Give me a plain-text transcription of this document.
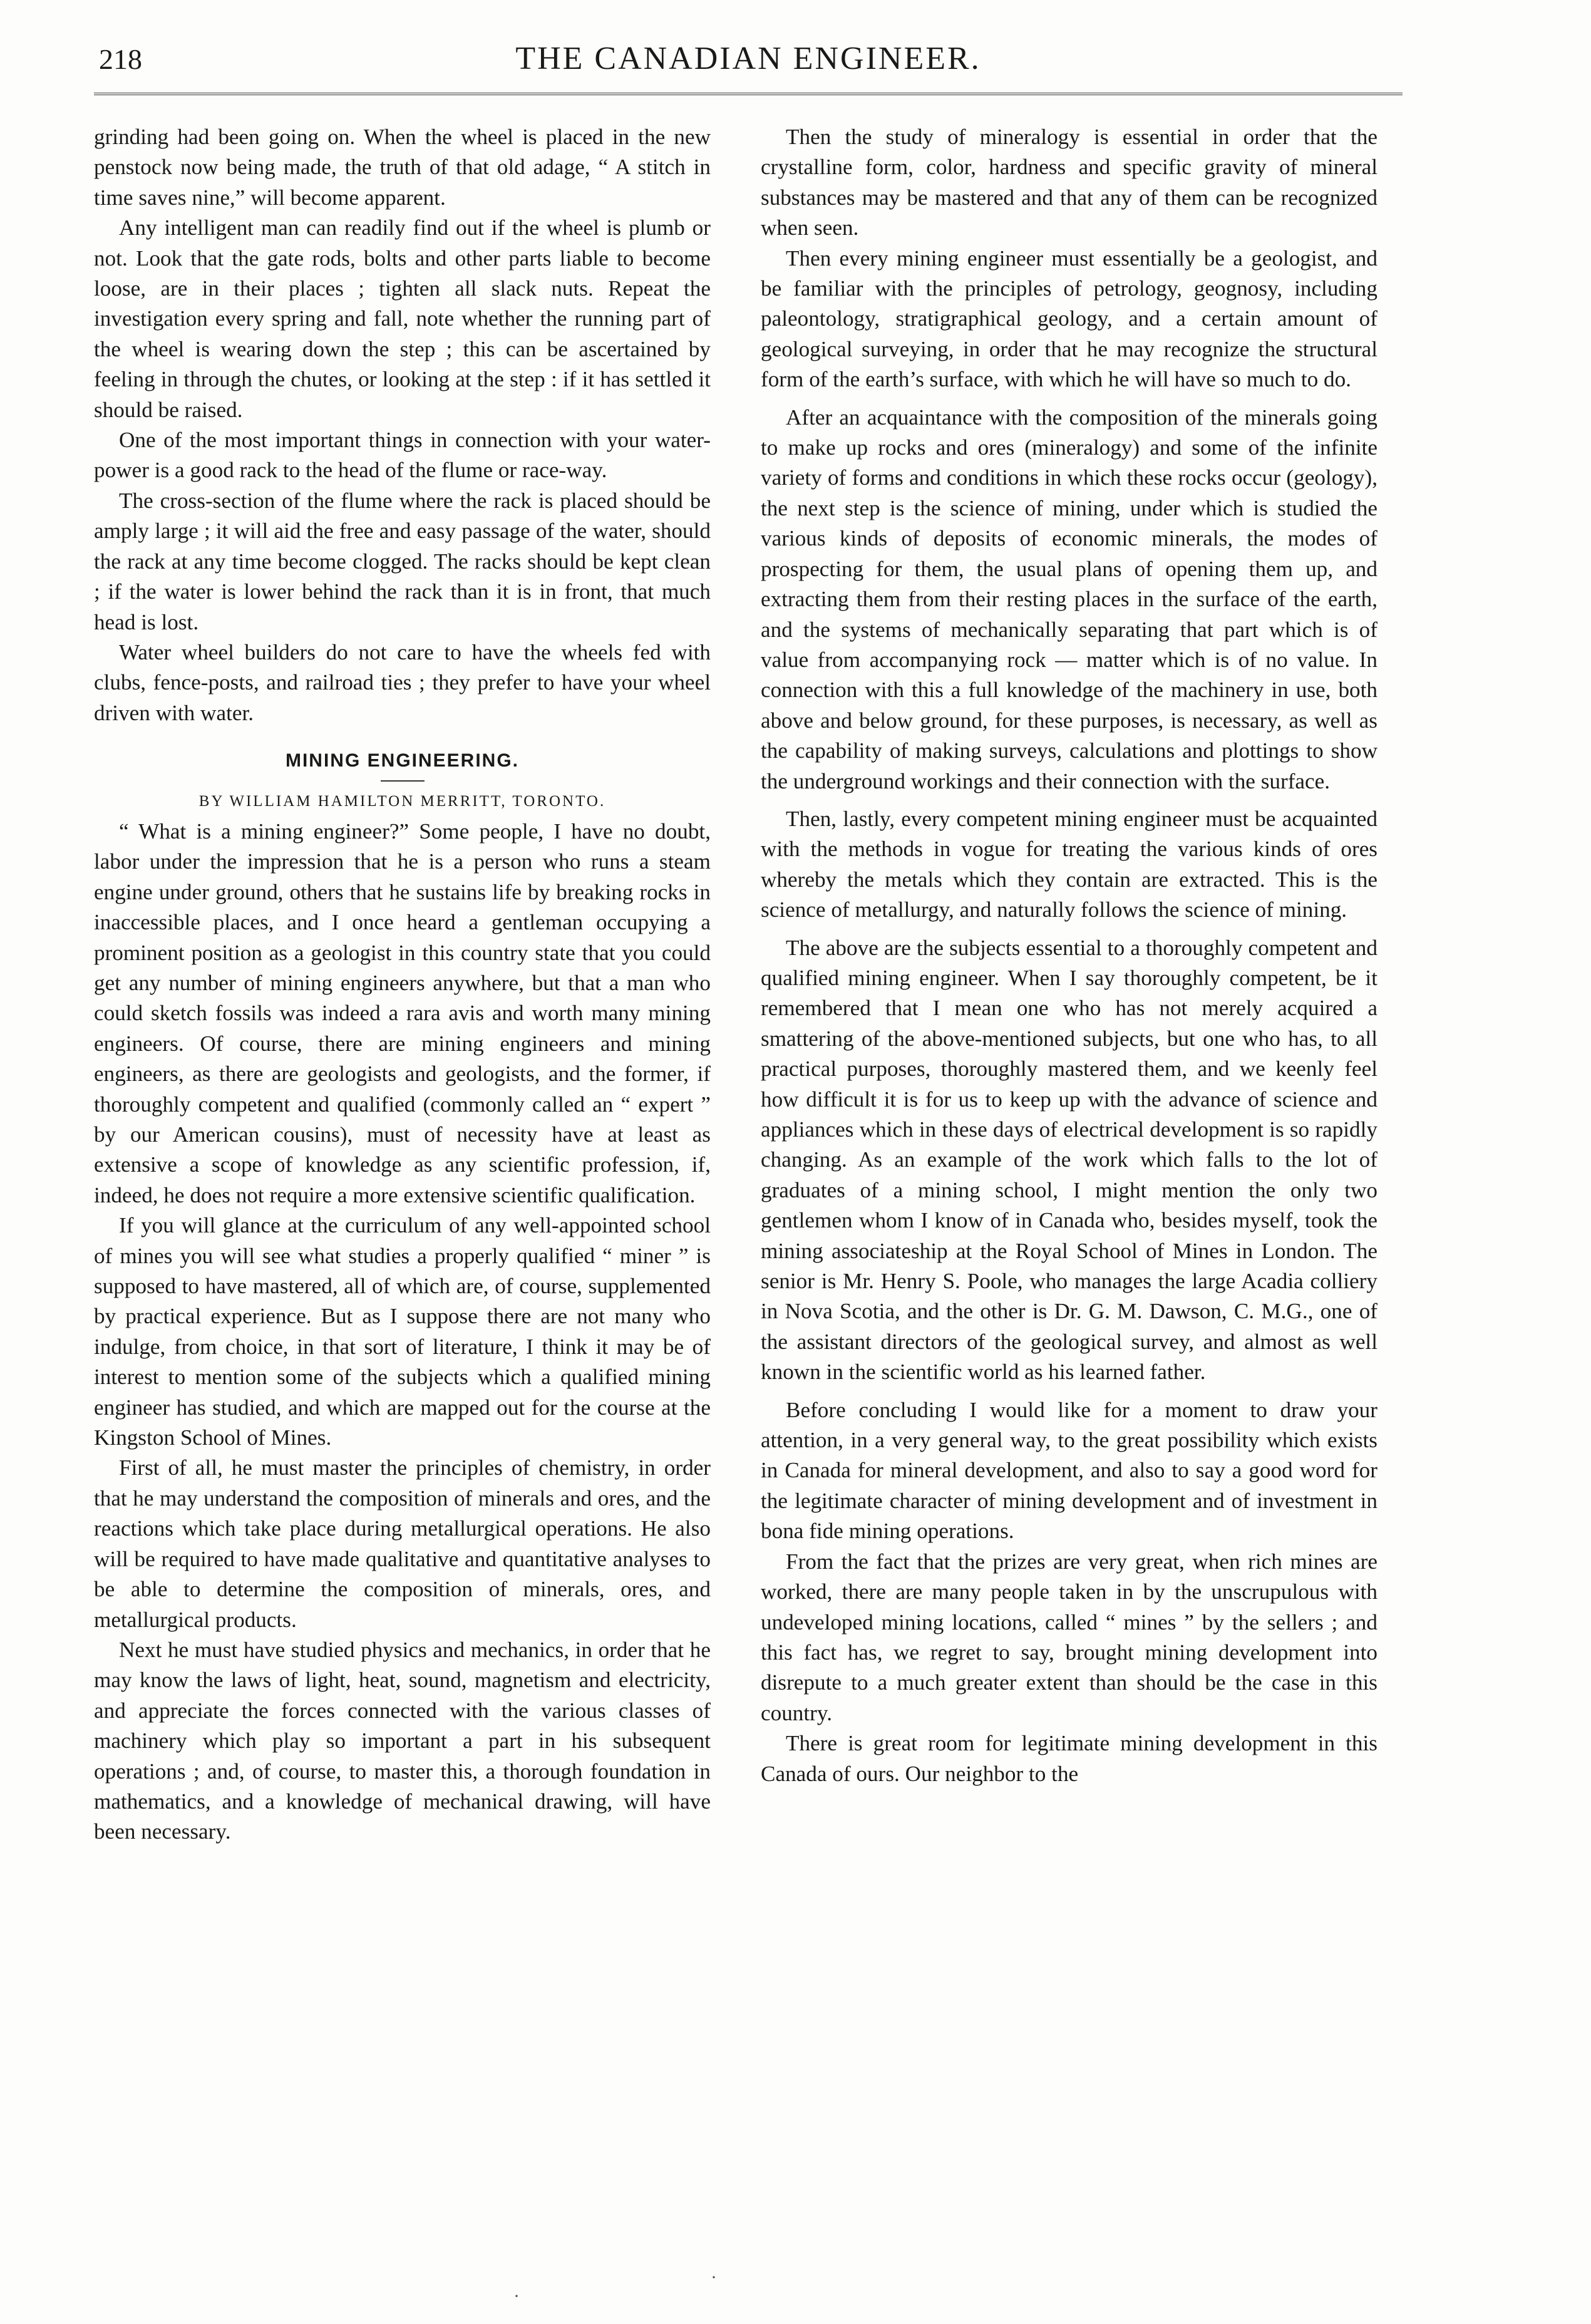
218	THE CANADIAN ENGINEER.

grinding had been going on. When the wheel is placed in the new penstock now being made, the truth of that old adage, “ A stitch in time saves nine,” will become apparent.

Any intelligent man can readily find out if the wheel is plumb or not. Look that the gate rods, bolts and other parts liable to become loose, are in their places ; tighten all slack nuts. Repeat the investigation every spring and fall, note whether the running part of the wheel is wearing down the step ; this can be ascertained by feeling in through the chutes, or looking at the step : if it has settled it should be raised.

One of the most important things in connection with your water-power is a good rack to the head of the flume or race-way.

The cross-section of the flume where the rack is placed should be amply large ; it will aid the free and easy passage of the water, should the rack at any time become clogged. The racks should be kept clean ; if the water is lower behind the rack than it is in front, that much head is lost.

Water wheel builders do not care to have the wheels fed with clubs, fence-posts, and railroad ties ; they prefer to have your wheel driven with water.

MINING ENGINEERING.

BY WILLIAM HAMILTON MERRITT, TORONTO.

“ What is a mining engineer?” Some people, I have no doubt, labor under the impression that he is a person who runs a steam engine under ground, others that he sustains life by breaking rocks in inaccessible places, and I once heard a gentleman occupying a prominent position as a geologist in this country state that you could get any number of mining engineers anywhere, but that a man who could sketch fossils was indeed a rara avis and worth many mining engineers. Of course, there are mining engineers and mining engineers, as there are geologists and geologists, and the former, if thoroughly competent and qualified (commonly called an “ expert ” by our American cousins), must of necessity have at least as extensive a scope of knowledge as any scientific profession, if, indeed, he does not require a more extensive scientific qualification.

If you will glance at the curriculum of any well-appointed school of mines you will see what studies a properly qualified “ miner ” is supposed to have mastered, all of which are, of course, supplemented by practical experience. But as I suppose there are not many who indulge, from choice, in that sort of literature, I think it may be of interest to mention some of the subjects which a qualified mining engineer has studied, and which are mapped out for the course at the Kingston School of Mines.

First of all, he must master the principles of chemistry, in order that he may understand the composition of minerals and ores, and the reactions which take place during metallurgical operations. He also will be required to have made qualitative and quantitative analyses to be able to determine the composition of minerals, ores, and metallurgical products.

Next he must have studied physics and mechanics, in order that he may know the laws of light, heat, sound, magnetism and electricity, and appreciate the forces connected with the various classes of machinery which play so important a part in his subsequent operations ; and, of course, to master this, a thorough foundation in mathematics, and a knowledge of mechanical drawing, will have been necessary.

Then the study of mineralogy is essential in order that the crystalline form, color, hardness and specific gravity of mineral substances may be mastered and that any of them can be recognized when seen.

Then every mining engineer must essentially be a geologist, and be familiar with the principles of petrology, geognosy, including paleontology, stratigraphical geology, and a certain amount of geological surveying, in order that he may recognize the structural form of the earth’s surface, with which he will have so much to do.

After an acquaintance with the composition of the minerals going to make up rocks and ores (mineralogy) and some of the infinite variety of forms and conditions in which these rocks occur (geology), the next step is the science of mining, under which is studied the various kinds of deposits of economic minerals, the modes of prospecting for them, the usual plans of opening them up, and extracting them from their resting places in the surface of the earth, and the systems of mechanically separating that part which is of value from accompanying rock — matter which is of no value. In connection with this a full knowledge of the machinery in use, both above and below ground, for these purposes, is necessary, as well as the capability of making surveys, calculations and plottings to show the underground workings and their connection with the surface.

Then, lastly, every competent mining engineer must be acquainted with the methods in vogue for treating the various kinds of ores whereby the metals which they contain are extracted. This is the science of metallurgy, and naturally follows the science of mining.

The above are the subjects essential to a thoroughly competent and qualified mining engineer. When I say thoroughly competent, be it remembered that I mean one who has not merely acquired a smattering of the above-mentioned subjects, but one who has, to all practical purposes, thoroughly mastered them, and we keenly feel how difficult it is for us to keep up with the advance of science and appliances which in these days of electrical development is so rapidly changing. As an example of the work which falls to the lot of graduates of a mining school, I might mention the only two gentlemen whom I know of in Canada who, besides myself, took the mining associateship at the Royal School of Mines in London. The senior is Mr. Henry S. Poole, who manages the large Acadia colliery in Nova Scotia, and the other is Dr. G. M. Dawson, C. M.G., one of the assistant directors of the geological survey, and almost as well known in the scientific world as his learned father.

Before concluding I would like for a moment to draw your attention, in a very general way, to the great possibility which exists in Canada for mineral development, and also to say a good word for the legitimate character of mining development and of investment in bona fide mining operations.

From the fact that the prizes are very great, when rich mines are worked, there are many people taken in by the unscrupulous with undeveloped mining locations, called “ mines ” by the sellers ; and this fact has, we regret to say, brought mining development into disrepute to a much greater extent than should be the case in this country.

There is great room for legitimate mining development in this Canada of ours. Our neighbor to the

·
·
